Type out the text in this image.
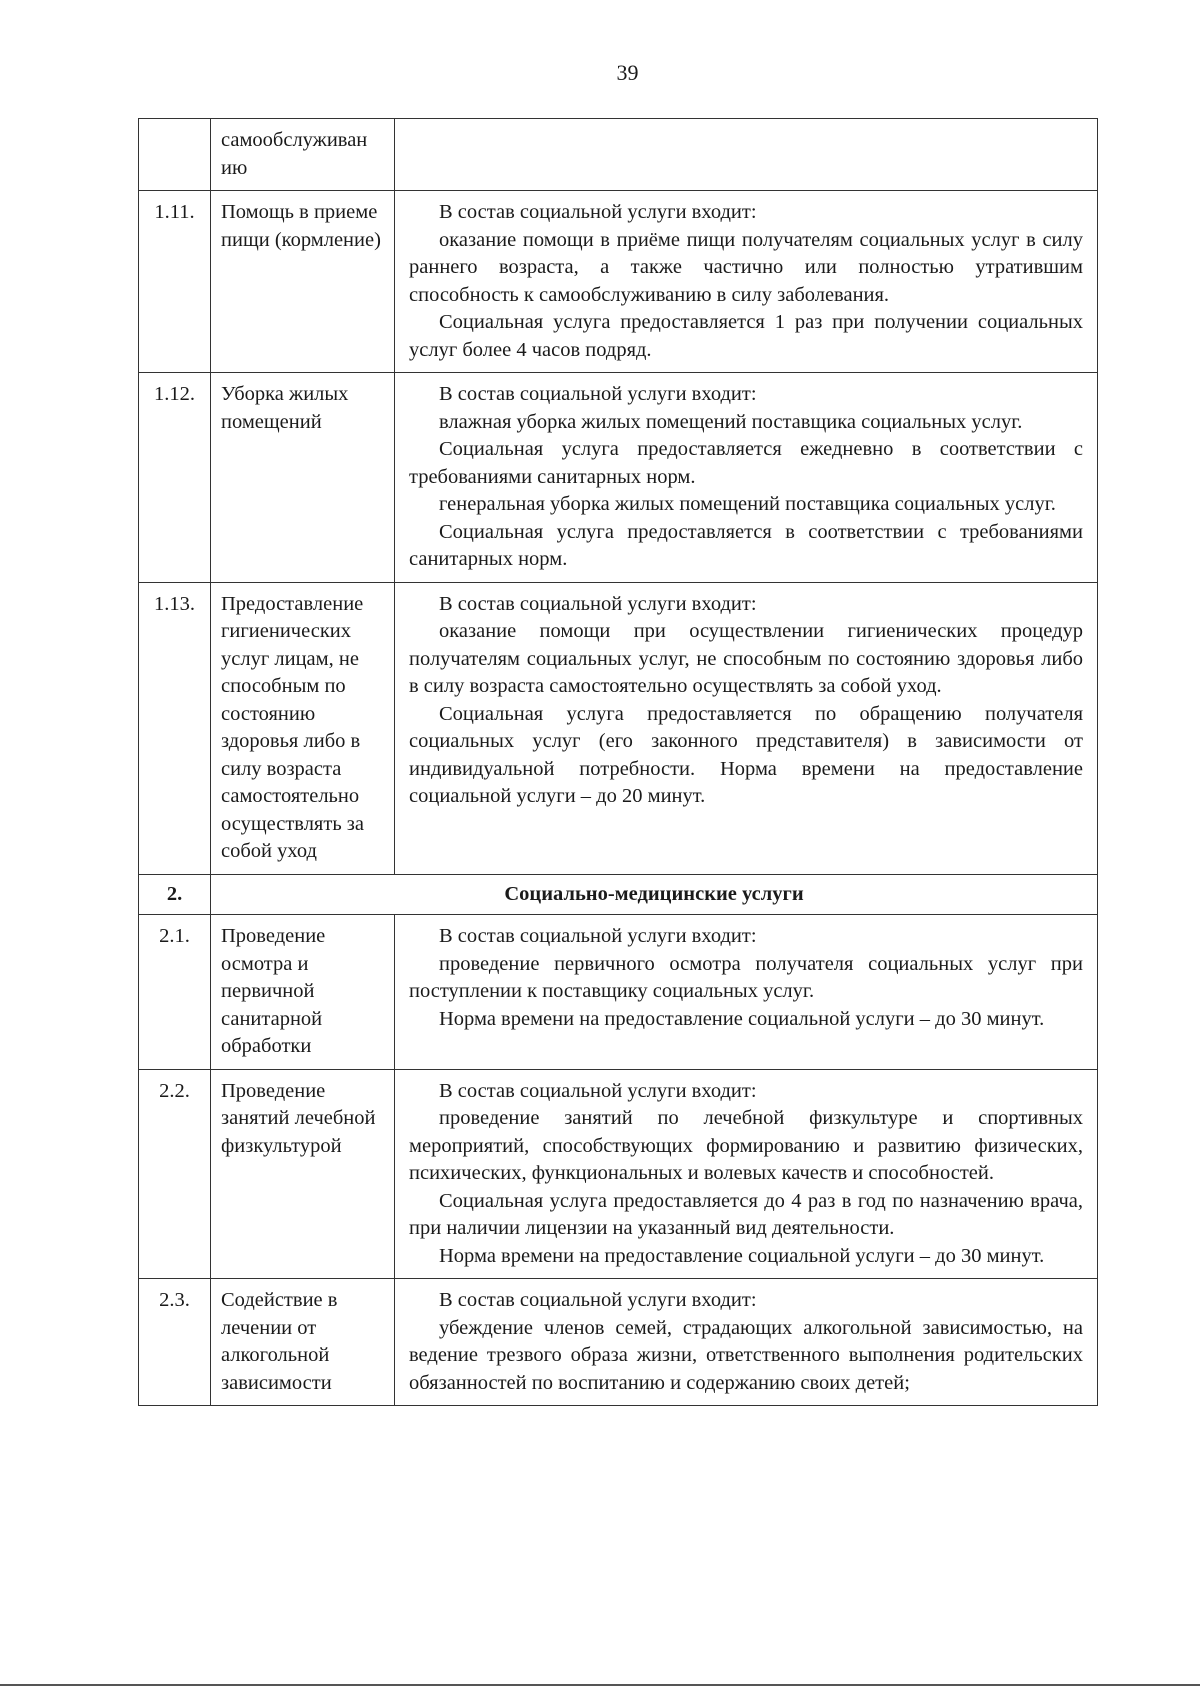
39

	самообслуживан ию	

1.11.	Помощь в приеме пищи (кормление)	В состав социальной услуги входит:

оказание помощи в приёме пищи получателям социальных услуг в силу раннего возраста, а также частично или полностью утратившим способность к самообслуживанию в силу заболевания.

Социальная услуга предоставляется 1 раз при получении социальных услуг более 4 часов подряд.

1.12.	Уборка жилых помещений	В состав социальной услуги входит:

влажная уборка жилых помещений поставщика социальных услуг.

Социальная услуга предоставляется ежедневно в соответствии с требованиями санитарных норм.

генеральная уборка жилых помещений поставщика социальных услуг.

Социальная услуга предоставляется в соответствии с требованиями санитарных норм.

1.13.	Предоставление гигиенических услуг лицам, не способным по состоянию здоровья либо в силу возраста самостоятельно осуществлять за собой уход	В состав социальной услуги входит:

оказание помощи при осуществлении гигиенических процедур получателям социальных услуг, не способным по состоянию здоровья либо в силу возраста самостоятельно осуществлять за собой уход.

Социальная услуга предоставляется по обращению получателя социальных услуг (его законного представителя) в зависимости от индивидуальной потребности. Норма времени на предоставление социальной услуги – до 20 минут.

2.	Социально-медицинские услуги	

2.1.	Проведение осмотра и первичной санитарной обработки	В состав социальной услуги входит:

проведение первичного осмотра получателя социальных услуг при поступлении к поставщику социальных услуг.

Норма времени на предоставление социальной услуги – до 30 минут.

2.2.	Проведение занятий лечебной физкультурой	В состав социальной услуги входит:

проведение занятий по лечебной физкультуре и спортивных мероприятий, способствующих формированию и развитию физических, психических, функциональных и волевых качеств и способностей.

Социальная услуга предоставляется до 4 раз в год по назначению врача, при наличии лицензии на указанный вид деятельности.

Норма времени на предоставление социальной услуги – до 30 минут.

2.3.	Содействие в лечении от алкогольной зависимости	В состав социальной услуги входит:

убеждение членов семей, страдающих алкогольной зависимостью, на ведение трезвого образа жизни, ответственного выполнения родительских обязанностей по воспитанию и содержанию своих детей;
